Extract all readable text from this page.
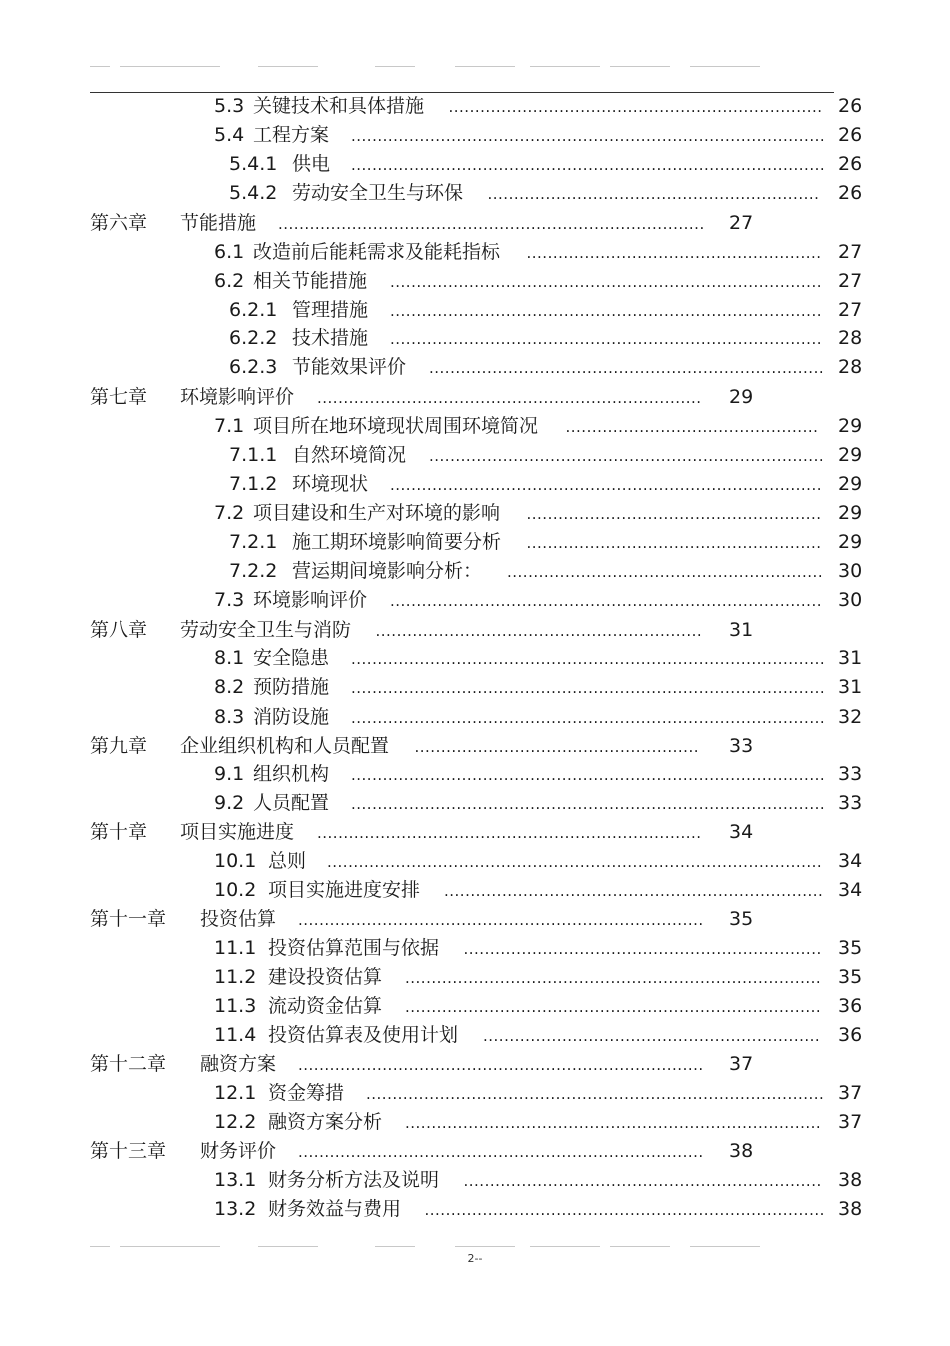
5.3 关键技术和具体措施 ....................................................................... 26
5.4 工程方案 .......................................................................................... 26
5.4.1 供电 .......................................................................................... 26
5.4.2 劳动安全卫生与环保 ............................................................... 26
第六章 节能措施 ................................................................................. 27
6.1 改造前后能耗需求及能耗指标 ........................................................ 27
6.2 相关节能措施 .................................................................................. 27
6.2.1 管理措施 .................................................................................. 27
6.2.2 技术措施 .................................................................................. 28
6.2.3 节能效果评价 ........................................................................... 28
第七章 环境影响评价 ......................................................................... 29
7.1 项目所在地环境现状周围环境简况 ................................................ 29
7.1.1 自然环境简况 ........................................................................... 29
7.1.2 环境现状 .................................................................................. 29
7.2 项目建设和生产对环境的影响 ........................................................ 29
7.2.1 施工期环境影响简要分析 ........................................................ 29
7.2.2 营运期间境影响分析： ............................................................ 30
7.3 环境影响评价 .................................................................................. 30
第八章 劳动安全卫生与消防 .............................................................. 31
8.1 安全隐患 .......................................................................................... 31
8.2 预防措施 .......................................................................................... 31
8.3 消防设施 .......................................................................................... 32
第九章 企业组织机构和人员配置 ...................................................... 33
9.1 组织机构 .......................................................................................... 33
9.2 人员配置 .......................................................................................... 33
第十章 项目实施进度 ......................................................................... 34
10.1 总则 .............................................................................................. 34
10.2 项目实施进度安排 ........................................................................ 34
第十一章 投资估算 ............................................................................. 35
11.1 投资估算范围与依据 .................................................................... 35
11.2 建设投资估算 ............................................................................... 35
11.3 流动资金估算 ............................................................................... 36
11.4 投资估算表及使用计划 ................................................................ 36
第十二章 融资方案 ............................................................................. 37
12.1 资金筹措 ....................................................................................... 37
12.2 融资方案分析 ............................................................................... 37
第十三章 财务评价 ............................................................................. 38
13.1 财务分析方法及说明 .................................................................... 38
13.2 财务效益与费用 ............................................................................ 38
2--
